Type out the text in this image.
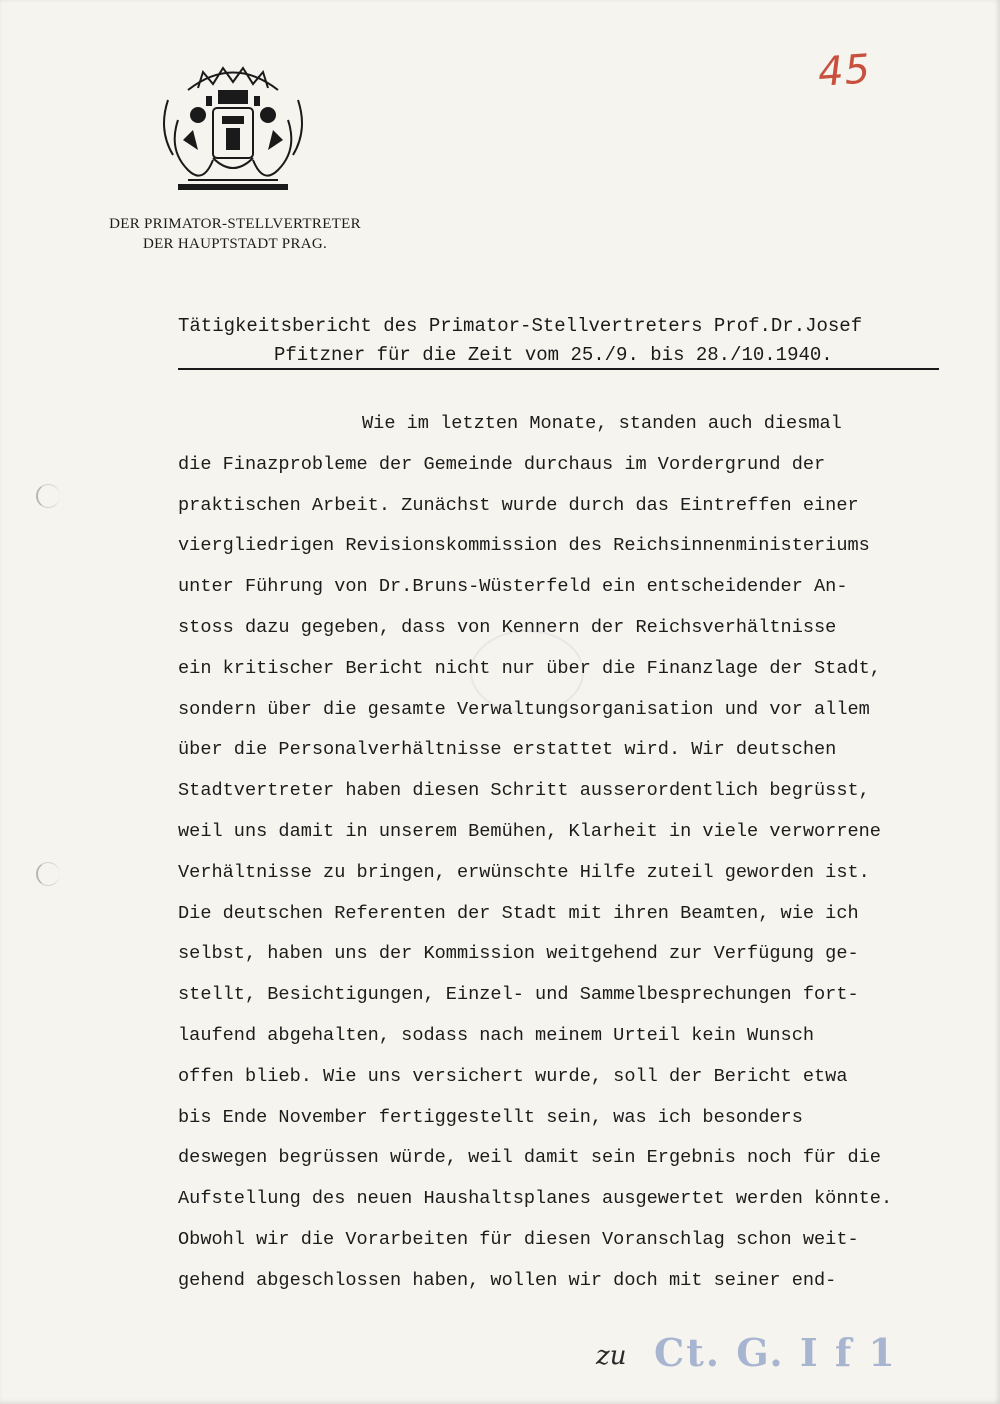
DER PRIMATOR-STELLVERTRETER
DER HAUPTSTADT PRAG.
45
Tätigkeitsbericht des Primator-Stellvertreters Prof.Dr.Josef
Pfitzner für die Zeit vom 25./9. bis 28./10.1940.
Wie im letzten Monate, standen auch diesmal
die Finazprobleme der Gemeinde durchaus im Vordergrund der
praktischen Arbeit. Zunächst wurde durch das Eintreffen einer
viergliedrigen Revisionskommission des Reichsinnenministeriums
unter Führung von Dr.Bruns-Wüsterfeld ein entscheidender An-
stoss dazu gegeben, dass von Kennern der Reichsverhältnisse
ein kritischer Bericht nicht nur über die Finanzlage der Stadt,
sondern über die gesamte Verwaltungsorganisation und vor allem
über die Personalverhältnisse erstattet wird. Wir deutschen
Stadtvertreter haben diesen Schritt ausserordentlich begrüsst,
weil uns damit in unserem Bemühen, Klarheit in viele verworrene
Verhältnisse zu bringen, erwünschte Hilfe zuteil geworden ist.
Die deutschen Referenten der Stadt mit ihren Beamten, wie ich
selbst, haben uns der Kommission weitgehend zur Verfügung ge-
stellt, Besichtigungen, Einzel- und Sammelbesprechungen fort-
laufend abgehalten, sodass nach meinem Urteil kein Wunsch
offen blieb. Wie uns versichert wurde, soll der Bericht etwa
bis Ende November fertiggestellt sein, was ich besonders
deswegen begrüssen würde, weil damit sein Ergebnis noch für die
Aufstellung des neuen Haushaltsplanes ausgewertet werden könnte.
Obwohl wir die Vorarbeiten für diesen Voranschlag schon weit-
gehend abgeschlossen haben, wollen wir doch mit seiner end-
zu Ct. G. I f 1
